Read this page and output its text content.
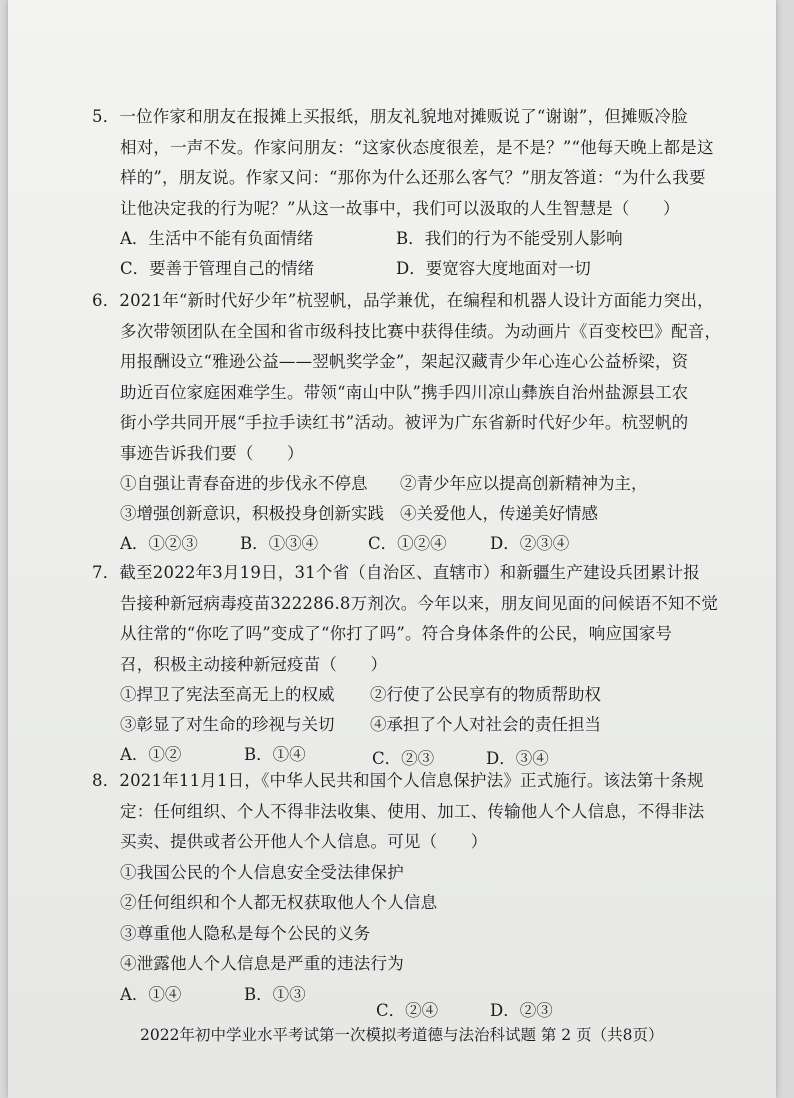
5．一位作家和朋友在报摊上买报纸，朋友礼貌地对摊贩说了“谢谢”，但摊贩冷脸
相对，一声不发。作家问朋友：“这家伙态度很差，是不是？”“他每天晚上都是这
样的”，朋友说。作家又问：“那你为什么还那么客气？”朋友答道：“为什么我要
让他决定我的行为呢？”从这一故事中，我们可以汲取的人生智慧是（　　）
A．生活中不能有负面情绪	B．我们的行为不能受别人影响
C．要善于管理自己的情绪	D．要宽容大度地面对一切
6．2021年“新时代好少年”杭翌帆，品学兼优，在编程和机器人设计方面能力突出，
多次带领团队在全国和省市级科技比赛中获得佳绩。为动画片《百变校巴》配音，
用报酬设立“雅逊公益——翌帆奖学金”，架起汉藏青少年心连心公益桥梁，资
助近百位家庭困难学生。带领“南山中队”携手四川凉山彝族自治州盐源县工农
街小学共同开展“手拉手读红书”活动。被评为广东省新时代好少年。杭翌帆的
事迹告诉我们要（　　）
①自强让青春奋进的步伐永不停息 ②青少年应以提高创新精神为主，
③增强创新意识，积极投身创新实践 ④关爱他人，传递美好情感
A．①②③	B．①③④	C．①②④	D．②③④
7．截至2022年3月19日，31个省（自治区、直辖市）和新疆生产建设兵团累计报
告接种新冠病毒疫苗322286.8万剂次。今年以来，朋友间见面的问候语不知不觉
从往常的“你吃了吗”变成了“你打了吗”。符合身体条件的公民，响应国家号
召，积极主动接种新冠疫苗（　　）
①捍卫了宪法至高无上的权威 ②行使了公民享有的物质帮助权
③彰显了对生命的珍视与关切 ④承担了个人对社会的责任担当
A．①②	B．①④	C．②③	D．③④
8．2021年11月1日，《中华人民共和国个人信息保护法》正式施行。该法第十条规
定：任何组织、个人不得非法收集、使用、加工、传输他人个人信息，不得非法
买卖、提供或者公开他人个人信息。可见（　　）
①我国公民的个人信息安全受法律保护
②任何组织和个人都无权获取他人个人信息
③尊重他人隐私是每个公民的义务
④泄露他人个人信息是严重的违法行为
A．①④	B．①③
C．②④	D．②③
2022年初中学业水平考试第一次模拟考道德与法治科试题 第 2 页（共8页）
